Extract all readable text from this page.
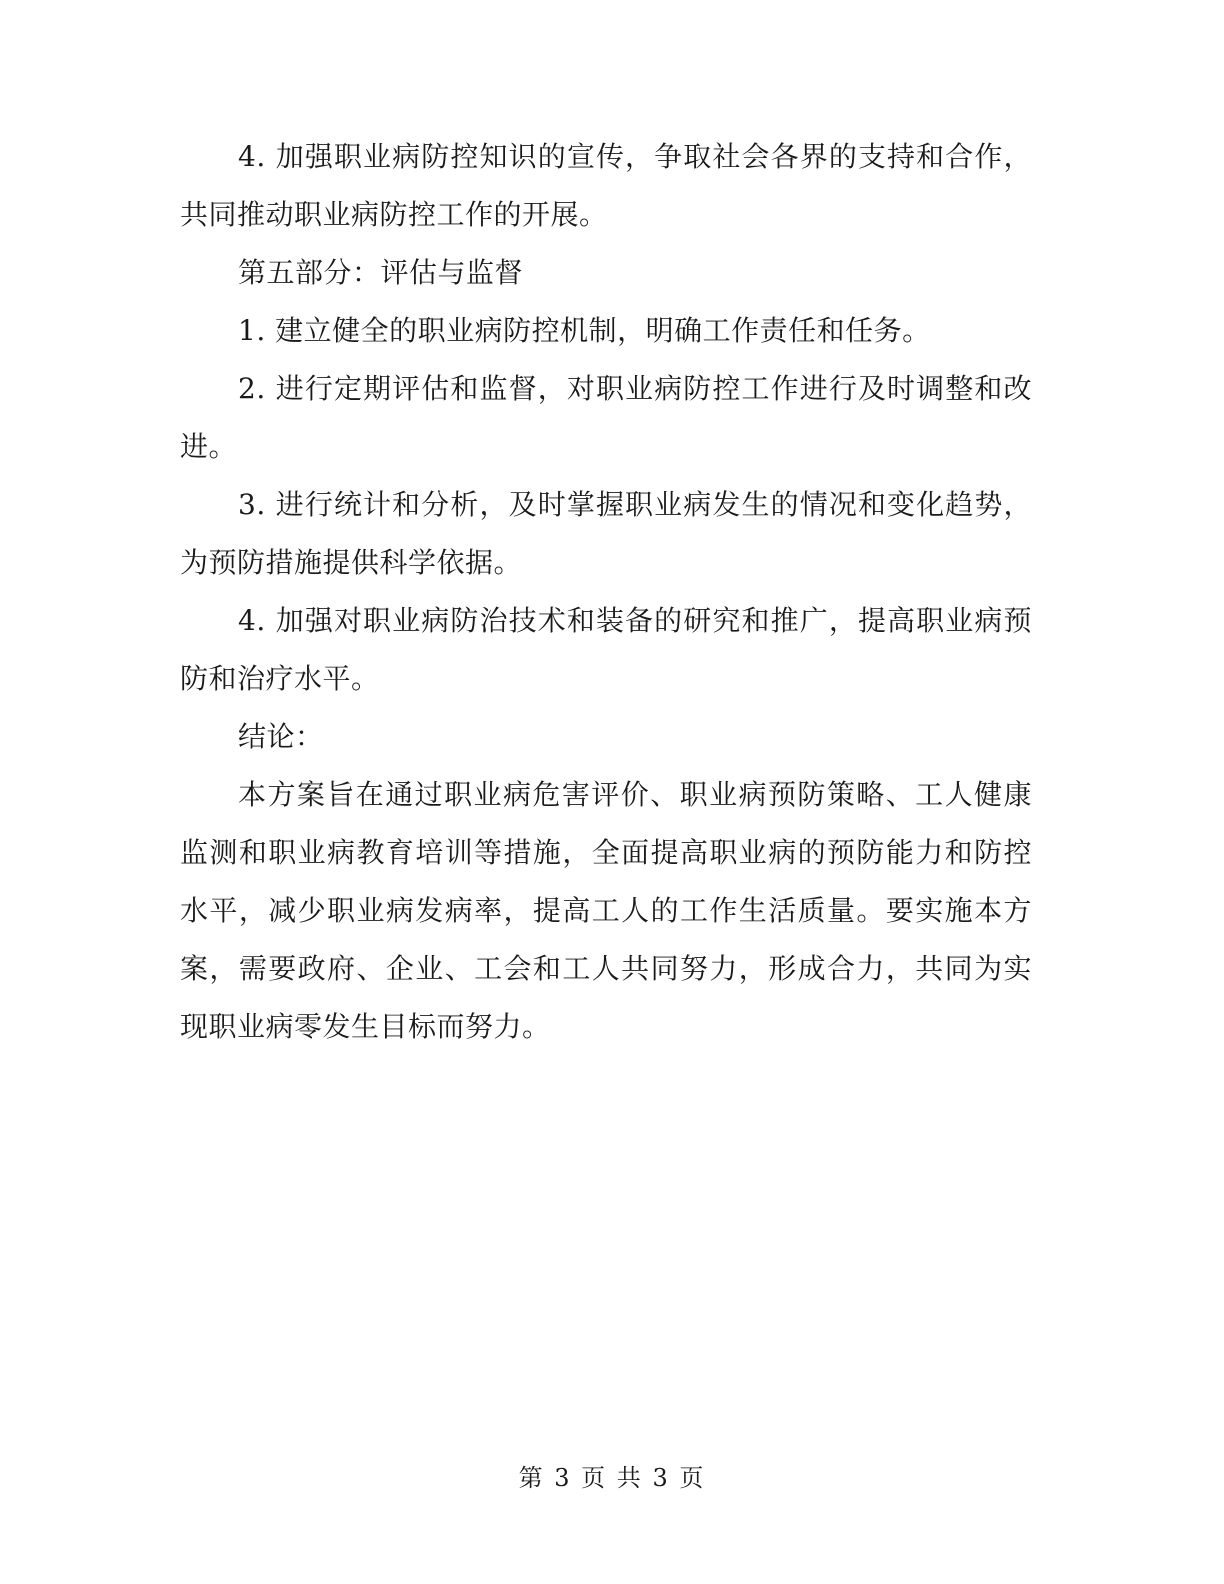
4. 加强职业病防控知识的宣传，争取社会各界的支持和合作，共同推动职业病防控工作的开展。

第五部分：评估与监督

1. 建立健全的职业病防控机制，明确工作责任和任务。

2. 进行定期评估和监督，对职业病防控工作进行及时调整和改进。

3. 进行统计和分析，及时掌握职业病发生的情况和变化趋势，为预防措施提供科学依据。

4. 加强对职业病防治技术和装备的研究和推广，提高职业病预防和治疗水平。

结论：

本方案旨在通过职业病危害评价、职业病预防策略、工人健康监测和职业病教育培训等措施，全面提高职业病的预防能力和防控水平，减少职业病发病率，提高工人的工作生活质量。要实施本方案，需要政府、企业、工会和工人共同努力，形成合力，共同为实现职业病零发生目标而努力。

第 3 页 共 3 页
